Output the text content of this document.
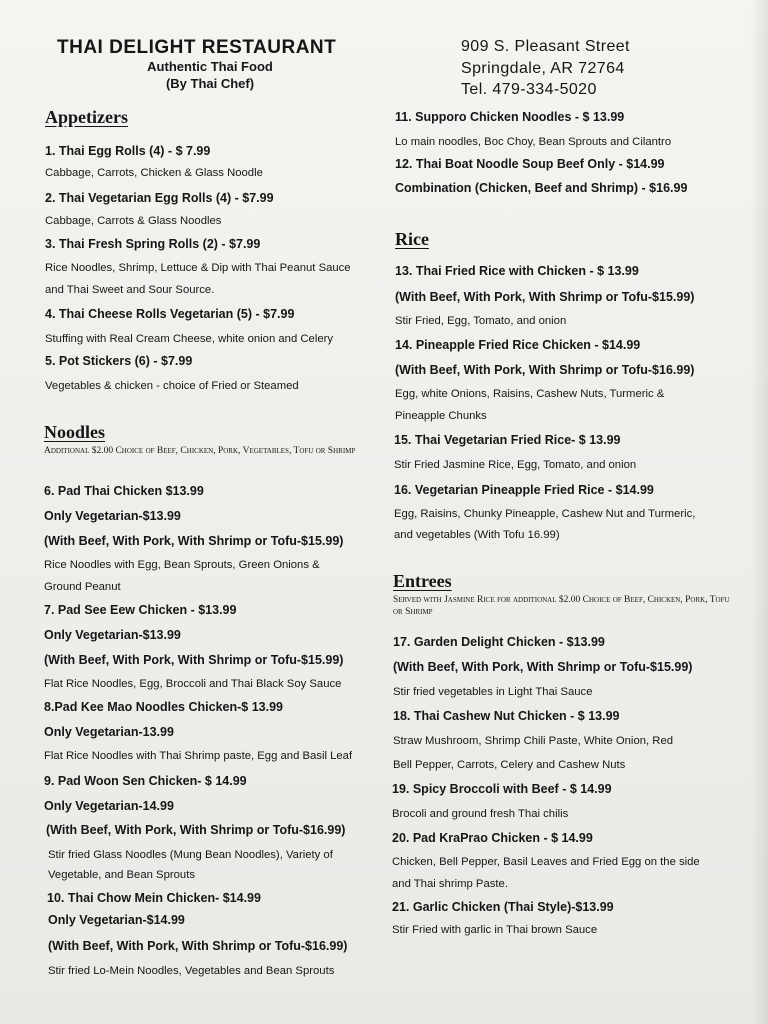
THAI DELIGHT RESTAURANT
Authentic Thai Food
(By Thai Chef)
909 S. Pleasant Street
Springdale, AR 72764
Tel. 479-334-5020
Appetizers
1. Thai Egg Rolls (4) - $ 7.99
Cabbage, Carrots, Chicken & Glass Noodle
2. Thai Vegetarian Egg Rolls (4) - $7.99
Cabbage, Carrots & Glass Noodles
3. Thai Fresh Spring Rolls (2) - $7.99
Rice Noodles, Shrimp, Lettuce & Dip with Thai Peanut Sauce
and Thai Sweet and Sour Source.
4. Thai Cheese Rolls Vegetarian (5) - $7.99
Stuffing with Real Cream Cheese, white onion and Celery
5. Pot Stickers (6) - $7.99
Vegetables & chicken - choice of Fried or Steamed
Noodles
Additional $2.00 Choice of Beef, Chicken, Pork, Vegetables, Tofu or Shrimp
6. Pad Thai Chicken $13.99
Only Vegetarian-$13.99
(With Beef, With Pork, With Shrimp or Tofu-$15.99)
Rice Noodles with Egg, Bean Sprouts, Green Onions &
Ground Peanut
7. Pad See Eew Chicken - $13.99
Only Vegetarian-$13.99
(With Beef, With Pork, With Shrimp or Tofu-$15.99)
Flat Rice Noodles, Egg, Broccoli and Thai Black Soy Sauce
8.Pad Kee Mao Noodles Chicken-$ 13.99
Only Vegetarian-13.99
Flat Rice Noodles with Thai Shrimp paste, Egg and Basil Leaf
9. Pad Woon Sen Chicken- $ 14.99
Only Vegetarian-14.99
(With Beef, With Pork, With Shrimp or Tofu-$16.99)
Stir fried Glass Noodles (Mung Bean Noodles), Variety of
Vegetable, and Bean Sprouts
10. Thai Chow Mein Chicken- $14.99
Only Vegetarian-$14.99
(With Beef, With Pork, With Shrimp or Tofu-$16.99)
Stir fried Lo-Mein Noodles, Vegetables and Bean Sprouts
11. Supporo Chicken Noodles - $ 13.99
Lo main noodles, Boc Choy, Bean Sprouts and Cilantro
12. Thai Boat Noodle Soup Beef Only - $14.99
Combination (Chicken, Beef and Shrimp) - $16.99
Rice
13. Thai Fried Rice with Chicken - $ 13.99
(With Beef, With Pork, With Shrimp or Tofu-$15.99)
Stir Fried, Egg, Tomato, and onion
14. Pineapple Fried Rice Chicken - $14.99
(With Beef, With Pork, With Shrimp or Tofu-$16.99)
Egg, white Onions, Raisins, Cashew Nuts, Turmeric &
Pineapple Chunks
15. Thai Vegetarian Fried Rice- $ 13.99
Stir Fried Jasmine Rice, Egg, Tomato, and onion
16. Vegetarian Pineapple Fried Rice - $14.99
Egg, Raisins, Chunky Pineapple, Cashew Nut and Turmeric,
and vegetables (With Tofu 16.99)
Entrees
Served with Jasmine Rice for additional $2.00 Choice of Beef, Chicken, Pork, Tofu or Shrimp
17. Garden Delight Chicken - $13.99
(With Beef, With Pork, With Shrimp or Tofu-$15.99)
Stir fried vegetables in Light Thai Sauce
18. Thai Cashew Nut Chicken - $ 13.99
Straw Mushroom, Shrimp Chili Paste, White Onion, Red
Bell Pepper, Carrots, Celery and Cashew Nuts
19. Spicy Broccoli with Beef - $ 14.99
Brocoli and ground fresh Thai chilis
20. Pad KraPrao Chicken - $ 14.99
Chicken, Bell Pepper, Basil Leaves and Fried Egg on the side
and Thai shrimp Paste.
21. Garlic Chicken (Thai Style)-$13.99
Stir Fried with garlic in Thai brown Sauce
